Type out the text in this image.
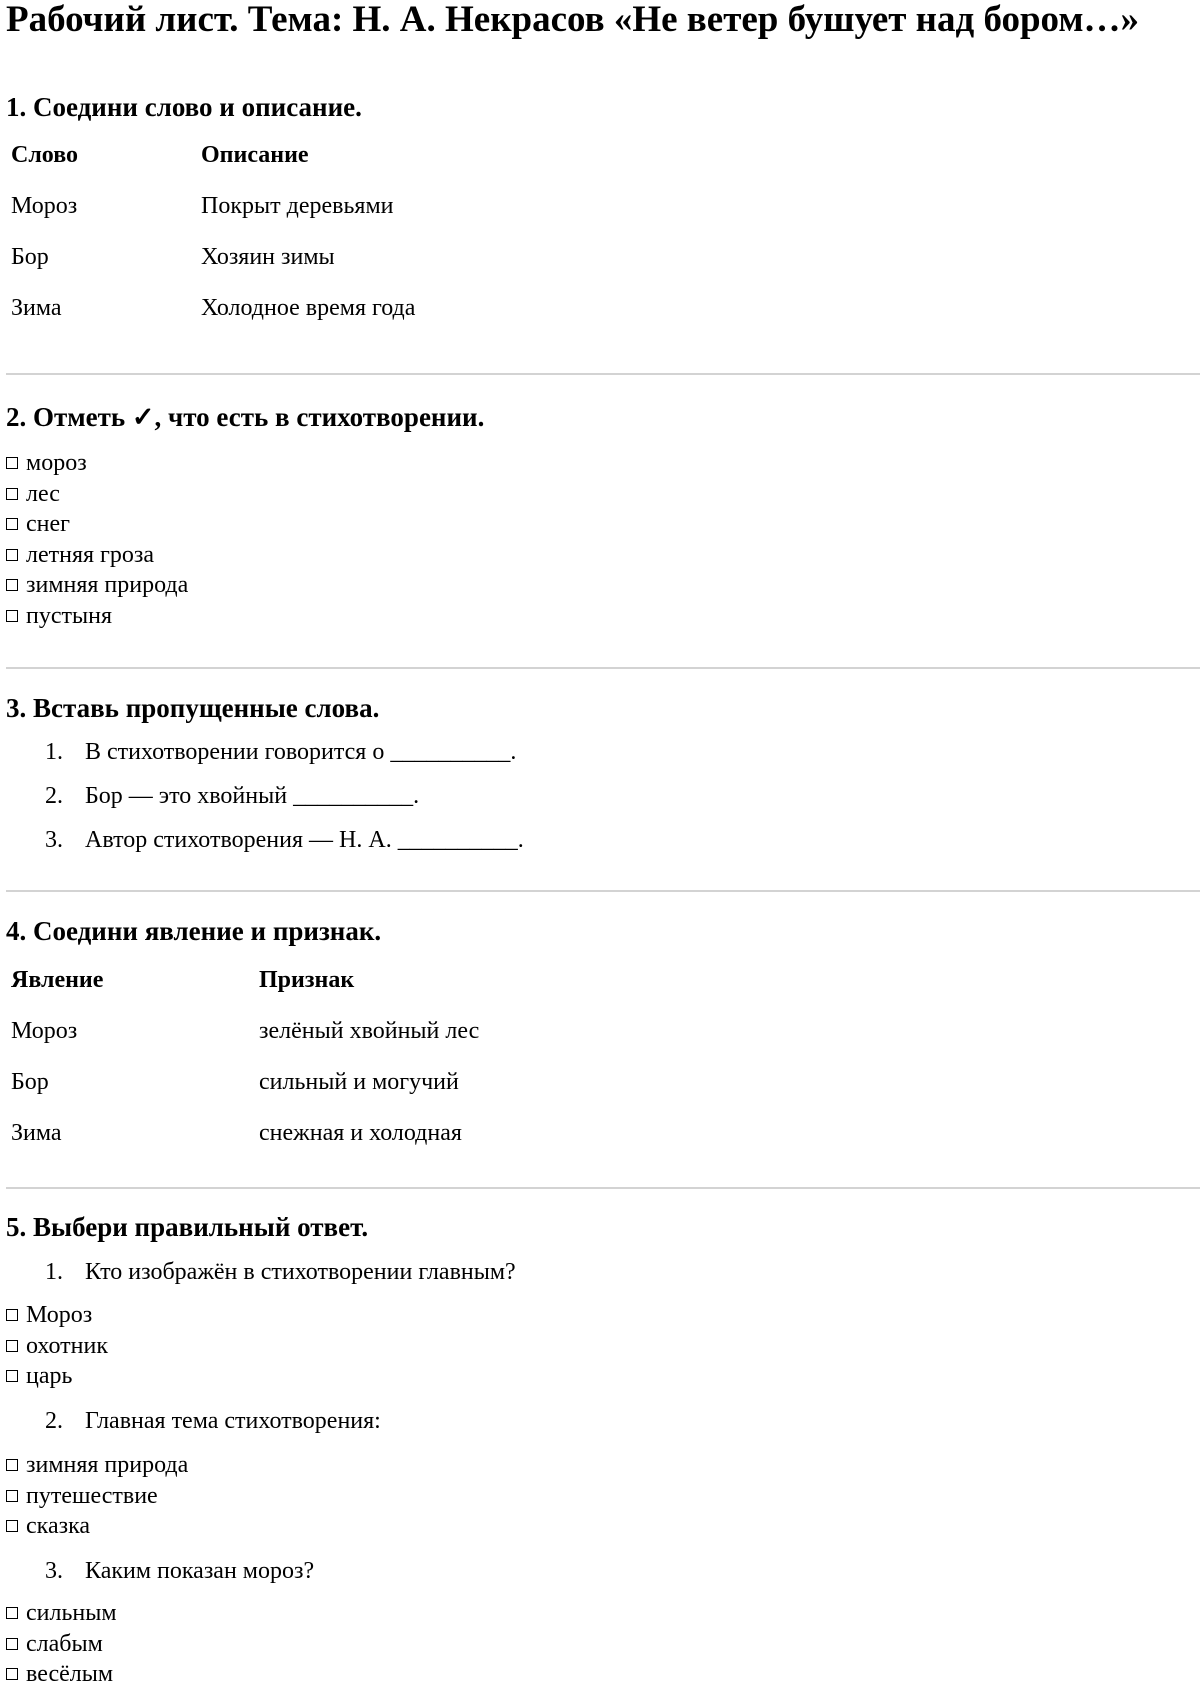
Рабочий лист. Тема: Н. А. Некрасов «Не ветер бушует над бором…»
1. Соедини слово и описание.
Слово	Описание
Мороз	Покрыт деревьями
Бор	Хозяин зимы
Зима	Холодное время года
2. Отметь ✓, что есть в стихотворении.
мороз
лес
снег
летняя гроза
зимняя природа
пустыня
3. Вставь пропущенные слова.
1. В стихотворении говорится о __________.
2. Бор — это хвойный __________.
3. Автор стихотворения — Н. А. __________.
4. Соедини явление и признак.
Явление	Признак
Мороз	зелёный хвойный лес
Бор	сильный и могучий
Зима	снежная и холодная
5. Выбери правильный ответ.
1. Кто изображён в стихотворении главным?
Мороз
охотник
царь
2. Главная тема стихотворения:
зимняя природа
путешествие
сказка
3. Каким показан мороз?
сильным
слабым
весёлым
